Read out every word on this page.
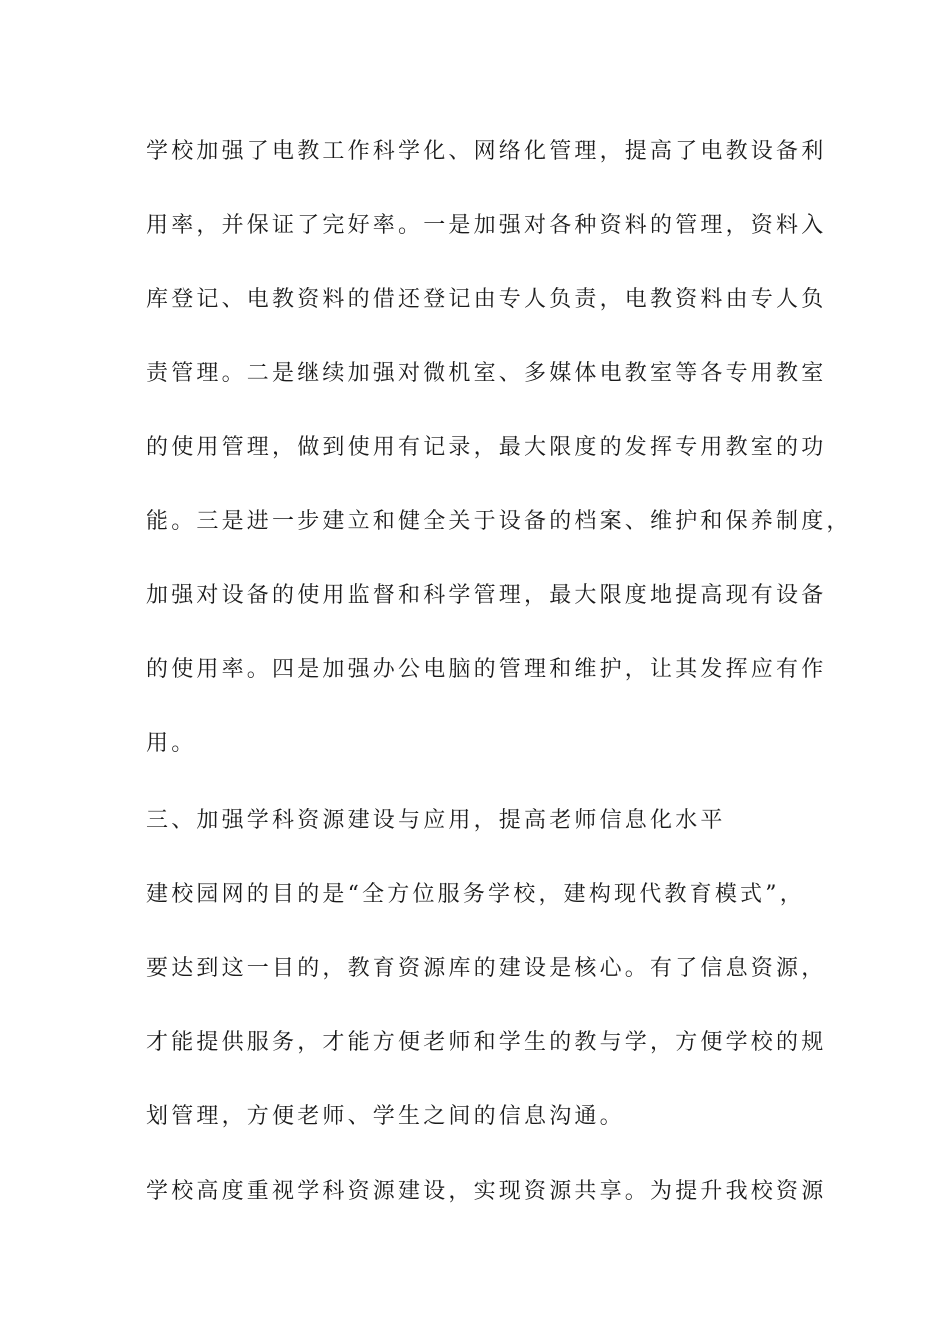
学校加强了电教工作科学化、网络化管理，提高了电教设备利
用率，并保证了完好率。一是加强对各种资料的管理，资料入
库登记、电教资料的借还登记由专人负责，电教资料由专人负
责管理。二是继续加强对微机室、多媒体电教室等各专用教室
的使用管理，做到使用有记录，最大限度的发挥专用教室的功
能。三是进一步建立和健全关于设备的档案、维护和保养制度，
加强对设备的使用监督和科学管理，最大限度地提高现有设备
的使用率。四是加强办公电脑的管理和维护，让其发挥应有作
用。
三、加强学科资源建设与应用，提高老师信息化水平
建校园网的目的是“全方位服务学校，建构现代教育模式”，
要达到这一目的，教育资源库的建设是核心。有了信息资源，
才能提供服务，才能方便老师和学生的教与学，方便学校的规
划管理，方便老师、学生之间的信息沟通。
学校高度重视学科资源建设，实现资源共享。为提升我校资源
